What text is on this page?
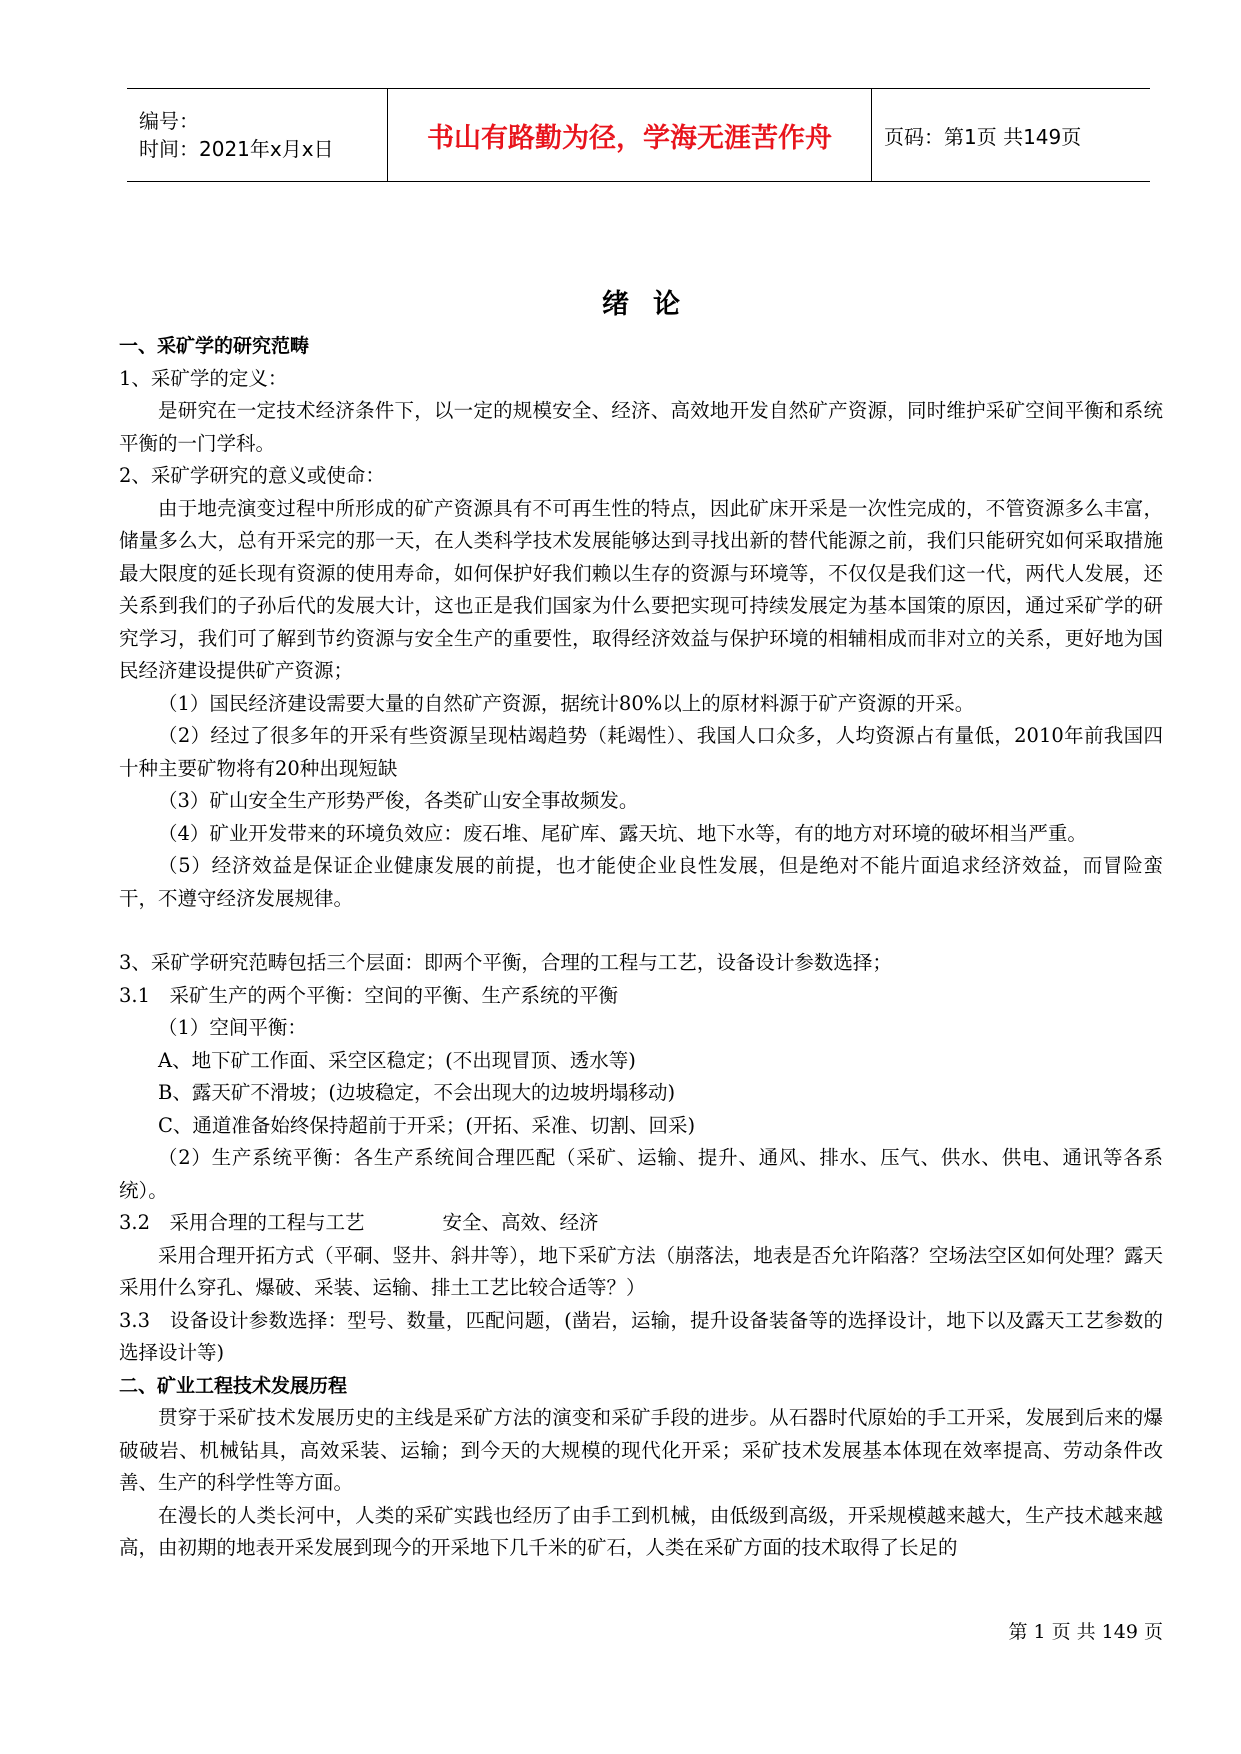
编号：
时间：2021年x月x日	书山有路勤为径，学海无涯苦作舟	页码：第1页 共149页
绪论
一、采矿学的研究范畴
1、采矿学的定义：
是研究在一定技术经济条件下，以一定的规模安全、经济、高效地开发自然矿产资源，同时维护采矿空间平衡和系统平衡的一门学科。
2、采矿学研究的意义或使命：
由于地壳演变过程中所形成的矿产资源具有不可再生性的特点，因此矿床开采是一次性完成的，不管资源多么丰富，储量多么大，总有开采完的那一天，在人类科学技术发展能够达到寻找出新的替代能源之前，我们只能研究如何采取措施最大限度的延长现有资源的使用寿命，如何保护好我们赖以生存的资源与环境等，不仅仅是我们这一代，两代人发展，还关系到我们的子孙后代的发展大计，这也正是我们国家为什么要把实现可持续发展定为基本国策的原因，通过采矿学的研究学习，我们可了解到节约资源与安全生产的重要性，取得经济效益与保护环境的相辅相成而非对立的关系，更好地为国民经济建设提供矿产资源；
（1）国民经济建设需要大量的自然矿产资源，据统计80%以上的原材料源于矿产资源的开采。
（2）经过了很多年的开采有些资源呈现枯竭趋势（耗竭性）、我国人口众多，人均资源占有量低，2010年前我国四十种主要矿物将有20种出现短缺
（3）矿山安全生产形势严俊，各类矿山安全事故频发。
（4）矿业开发带来的环境负效应：废石堆、尾矿库、露天坑、地下水等，有的地方对环境的破坏相当严重。
（5）经济效益是保证企业健康发展的前提，也才能使企业良性发展，但是绝对不能片面追求经济效益，而冒险蛮干，不遵守经济发展规律。
3、采矿学研究范畴包括三个层面：即两个平衡，合理的工程与工艺，设备设计参数选择；
3.1　采矿生产的两个平衡：空间的平衡、生产系统的平衡
（1）空间平衡：
A、地下矿工作面、采空区稳定；(不出现冒顶、透水等)
B、露天矿不滑坡；(边坡稳定，不会出现大的边坡坍塌移动)
C、通道准备始终保持超前于开采；(开拓、采准、切割、回采)
（2）生产系统平衡：各生产系统间合理匹配（采矿、运输、提升、通风、排水、压气、供水、供电、通讯等各系统）。
3.2　采用合理的工程与工艺　　　　安全、高效、经济
采用合理开拓方式（平硐、竖井、斜井等），地下采矿方法（崩落法，地表是否允许陷落？空场法空区如何处理？露天采用什么穿孔、爆破、采装、运输、排土工艺比较合适等？）
3.3　设备设计参数选择：型号、数量，匹配问题，(凿岩，运输，提升设备装备等的选择设计，地下以及露天工艺参数的选择设计等)
二、矿业工程技术发展历程
贯穿于采矿技术发展历史的主线是采矿方法的演变和采矿手段的进步。从石器时代原始的手工开采，发展到后来的爆破破岩、机械钻具，高效采装、运输；到今天的大规模的现代化开采；采矿技术发展基本体现在效率提高、劳动条件改善、生产的科学性等方面。
在漫长的人类长河中，人类的采矿实践也经历了由手工到机械，由低级到高级，开采规模越来越大，生产技术越来越高，由初期的地表开采发展到现今的开采地下几千米的矿石，人类在采矿方面的技术取得了长足的
第 1 页 共 149 页
